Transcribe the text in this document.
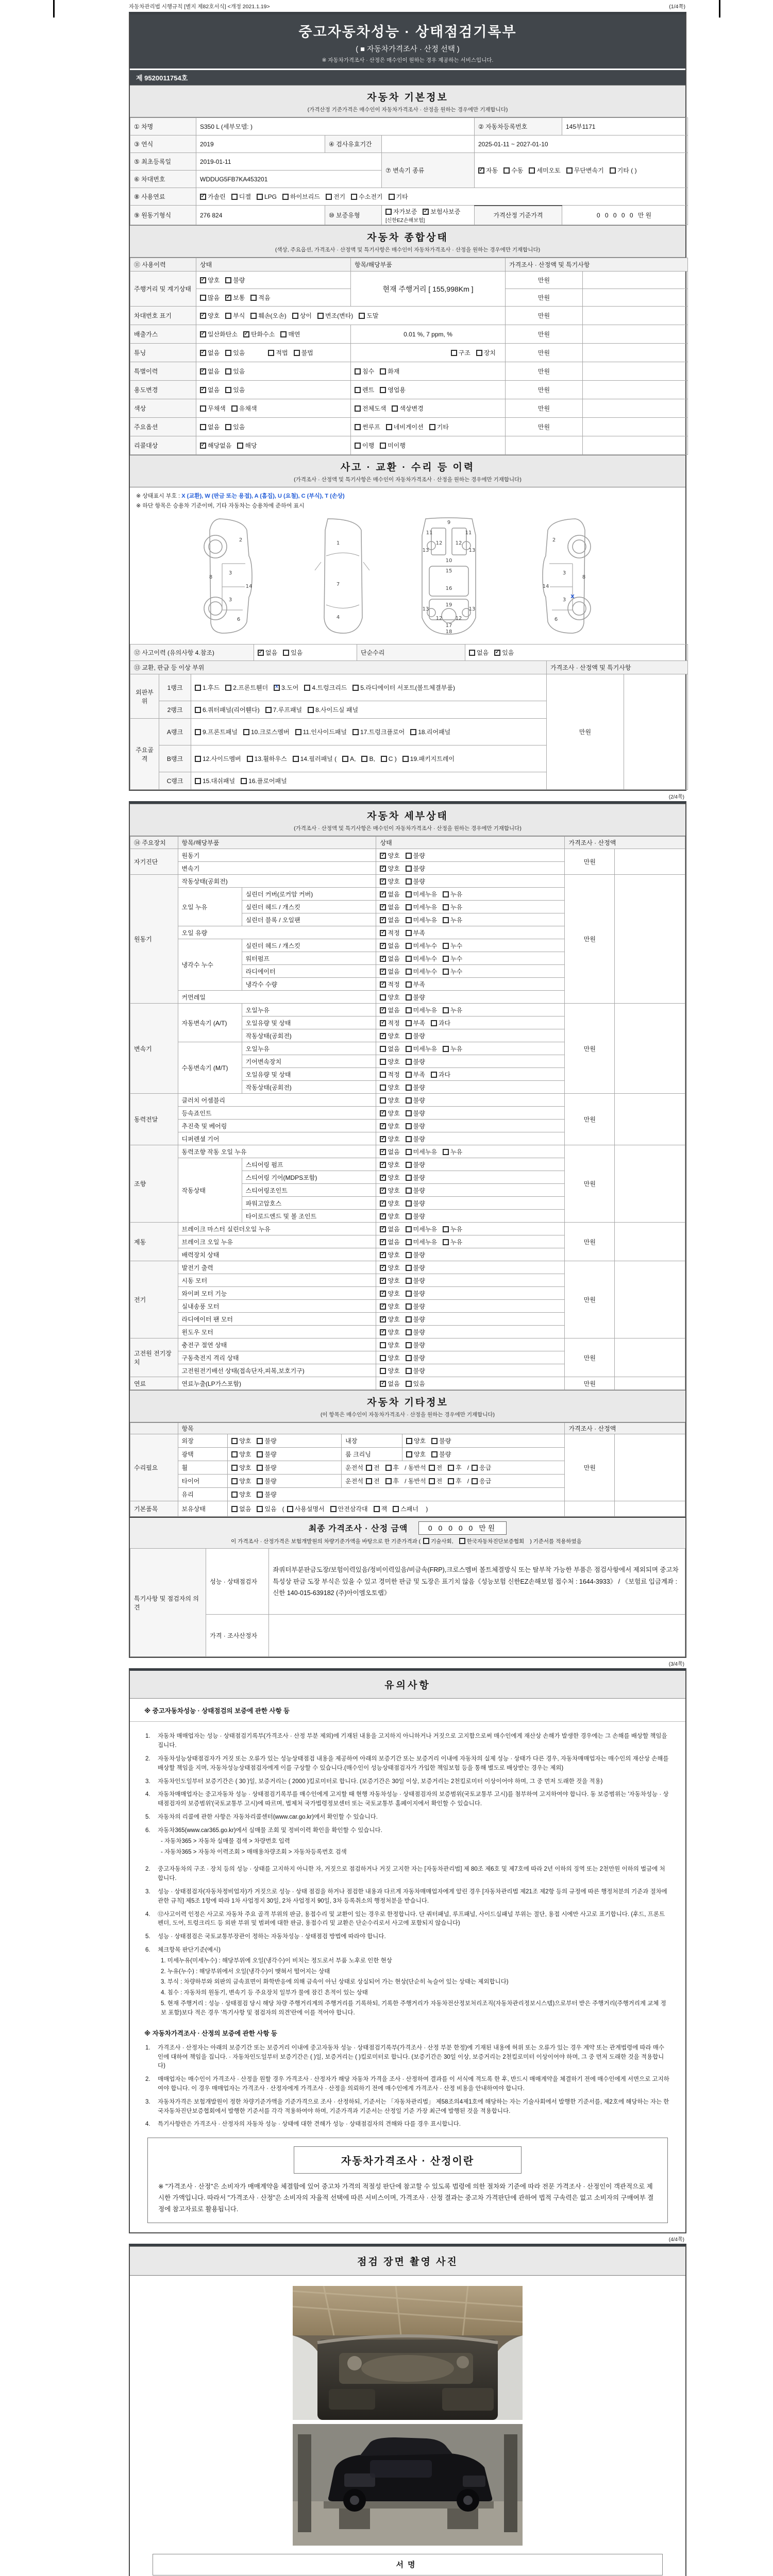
자동차관리법 시행규칙 [별지 제82호서식] <개정 2021.1.19>	(1/4쪽)
중고자동차성능 · 상태점검기록부
( ■ 자동차가격조사 · 산정 선택 )
※ 자동차가격조사 · 산정은 매수인이 원하는 경우 제공하는 서비스입니다.
제 9520011754호
자동차 기본정보
(가격산정 기준가격은 매수인이 자동차가격조사 · 산정을 원하는 경우에만 기재합니다)
① 차명	S350 L (세부모델: )			② 자동차등록번호	145부1171
③ 연식	2019	④ 검사유효기간		2025-01-11 ~ 2027-01-10	
⑤ 최초등록일	2019-01-11		⑦ 변속기 종류	✓자동 수동 세미오토 무단변속기 기타 ( )
⑥ 차대번호	WDDUG5FB7KA453201				
⑧ 사용연료	✓가솔린 디젤 LPG 하이브리드 전기 수소전기 기타
⑨ 원동기형식	276 824	⑩ 보증유형	자가보증 ✓ 보험사보증 [신한EZ손해보험]	가격산정 기준가격	0 0 0 0 0 만원
자동차 종합상태
(색상, 주요옵션, 가격조사 · 산정액 및 특기사항은 매수인이 자동차가격조사 · 산정을 원하는 경우에만 기재합니다)
⑪ 사용이력	상태	항목/해당부품	가격조사 · 산정액 및 특기사항	
주행거리 및 계기상태	✓양호 불량	현재 주행거리 [ 155,998Km ]	만원	
	많음 ✓ 보통 적음		만원	
차대번호 표기	✓양호 부식 훼손(오손) 상이 변조(변타) 도말		만원	
배출가스	✓일산화탄소 ✓ 탄화수소 매연	0.01 %, 7 ppm, %	만원	
튜닝	✓없음 있음 적법 불법	구조 장치	만원	
특별이력	✓없음 있음	침수 화재	만원	
용도변경	✓없음 있음	렌트 영업용	만원	
색상	무채색 유채색	전체도색 색상변경	만원	
주요옵션	없음 있음	썬루프 네비게이션 기타	만원	
리콜대상	✓해당없음 해당	이행 미이행		
사고 · 교환 · 수리 등 이력
(가격조사 · 산정액 및 특기사항은 매수인이 자동차가격조사 · 산정을 원하는 경우에만 기재합니다)
※ 상태표시 부호 : X (교환), W (판금 또는 용접), A (흠집), U (요철), C (부식), T (손상)
※ 하단 항목은 승용차 기준이며, 기타 자동차는 승용차에 준하여 표시
2
8
3
14
3
6
1
7
4
9
11	11
13	13
12	12
10
15
16
19
13	13
12	12
17
18
2
3
8
14
3
X
6
⑫ 사고이력 (유의사항 4.참조)	✓없음 있음	단순수리	없음 ✓ 있음
⑬ 교환, 판금 등 이상 부위				가격조사 · 산정액 및 특기사항
외판부위	1랭크	1.후드 2.프론트휀더 x 3.도어 4.트렁크리드 5.라디에이터 서포트(볼트체결부품)	만원	
	2랭크	6.쿼터패널(리어휀다) 7.루프패널 8.사이드실 패널		
주요골격	A랭크	9.프론트패널 10.크로스멤버 11.인사이드패널 17.트렁크플로어 18.리어패널		
	B랭크	12.사이드멤버 13.휠하우스 14.필러패널 ( A, B, C ) 19.패키지트레이		
	C랭크	15.대쉬패널 16.플로어패널		
(2/4쪽)
자동차 세부상태
(가격조사 · 산정액 및 특기사항은 매수인이 자동차가격조사 · 산정을 원하는 경우에만 기재합니다)
⑭ 주요장치	항목/해당부품		상태	가격조사 · 산정액	
자기진단	원동기	✓양호 불량	만원	
	변속기	✓양호 불량
원동기	작동상태(공회전)	✓양호 불량	만원	
	오일 누유	실린더 커버(로커암 커버)	✓없음 미세누유 누유
		실린더 헤드 / 개스킷	✓없음 미세누유 누유
		실린더 블록 / 오일팬	✓없음 미세누유 누유
	오일 유량	✓적정 부족
	냉각수 누수	실린더 헤드 / 개스킷	✓없음 미세누수 누수
		워터펌프	✓없음 미세누수 누수
		라디에이터	✓없음 미세누수 누수
		냉각수 수량	✓적정 부족
	커먼레일		양호 불량		
변속기	자동변속기 (A/T)	오일누유	✓없음 미세누유 누유	만원	
		오일유량 및 상태	✓적정 부족 과다
		작동상태(공회전)	✓양호 불량
	수동변속기 (M/T)	오일누유	없음 미세누유 누유		
		기어변속장치	양호 불량		
		오일유량 및 상태	적정 부족 과다		
		작동상태(공회전)	양호 불량		
동력전달	클러치 어셈블리		양호 불량	만원	
	등속죠인트	✓양호 불량
	추진축 및 베어링	✓양호 불량
	디퍼렌셜 기어	✓양호 불량
조향	동력조향 작동 오일 누유	✓없음 미세누유 누유	만원	
	작동상태	스티어링 펌프	✓양호 불량
		스티어링 기어(MDPS포함)	✓양호 불량
		스티어링조인트	✓양호 불량
		파워고압호스	✓양호 불량
		타이로드엔드 및 볼 조인트	✓양호 불량
제동	브레이크 마스터 실린더오일 누유	✓없음 미세누유 누유	만원	
	브레이크 오일 누유	✓없음 미세누유 누유
	배력장치 상태	✓양호 불량
전기	발전기 출력	✓양호 불량	만원	
	시동 모터	✓양호 불량
	와이퍼 모터 기능	✓양호 불량
	실내송풍 모터	✓양호 불량
	라디에이터 팬 모터	✓양호 불량
	윈도우 모터	✓양호 불량
고전원 전기장치	충전구 절연 상태		양호 불량	만원	
	구동축전지 격리 상태		양호 불량		
	고전원전기배선 상태(접속단자,피복,보호기구)		양호 불량		
연료	연료누출(LP가스포함)	✓없음 있음	만원	
자동차 기타정보
(이 항목은 매수인이 자동차가격조사 · 산정을 원하는 경우에만 기재합니다)
	항목				가격조사 · 산정액	
수리필요	외장	양호 불량	내장	양호 불량	만원	
	광택	양호 불량	룸 크리닝	양호 불량		
	휠	양호 불량	운전석 전 후 / 동반석 전 후 / 응급			
	타이어	양호 불량	운전석 전 후 / 동반석 전 후 / 응급			
	유리	양호 불량				
기본품목	보유상태	없음 있음 ( 사용설명서 안전삼각대 잭 스패너 )				
최종 가격조사 · 산정 금액	0 0 0 0 0 만원
이 가격조사 · 산정가격은 보험개발원의 차량기준가액을 바탕으로 한 기준가격과 ( 기술사회, 한국자동차진단보증협회 ) 기준서를 적용하였음
특기사항 및 점검자의 의견	성능 · 상태점검자	좌쿼터부분판금도장/보험이력있음/정비이력있음/비금속(FRP),크로스멤버 볼트체결방식 또는 탈부착 가능한 부품은 점검사항에서 제외되며 중고차 특성상 판금 도장 부식은 있을 수 있고 경미한 판금 및 도장은 표기치 않음《성능보험 신한EZ손해보험 접수처 : 1644-3933》 / 《보험료 입금계좌 : 신한 140-015-639182 (주)아이엠오토랩》
	가격 · 조사산정자	
(3/4쪽)
유의사항
※ 중고자동차성능 · 상태점검의 보증에 관한 사항 등
1.	자동차 매매업자는 성능 · 상태점검기록부(가격조사 · 산정 부분 제외)에 기재된 내용을 고지하지 아니하거나 거짓으로 고지함으로써 매수인에게 재산상 손해가 발생한 경우에는 그 손해를 배상할 책임을 집니다.
2.	자동차성능상태점검자가 거짓 또는 오류가 있는 성능상태점검 내용을 제공하여 아래의 보증기간 또는 보증거리 이내에 자동차의 실제 성능 · 상태가 다른 경우, 자동차매매업자는 매수인의 재산상 손해를 배상할 책임을 지며, 자동차성능상태점검자에게 이를 구상할 수 있습니다.(매수인이 성능상태점검자가 가입한 책임보험 등을 통해 별도로 배상받는 경우는 제외)
3.	자동차인도일부터 보증기간은 ( 30 )일, 보증거리는 ( 2000 )킬로미터로 합니다. (보증기간은 30일 이상, 보증거리는 2천킬로미터 이상이어야 하며, 그 중 먼저 도래한 것을 적용)
4.	자동차매매업자는 중고자동차 성능 · 상태점검기록부를 매수인에게 고지할 때 현행 자동차성능 · 상태점검자의 보증범위(국토교통부 고시)를 첨부하여 고지하여야 합니다. 동 보증범위는 '자동차성능 · 상태점검자의 보증범위'(국토교통부 고시)에 따르며, 법제처 국가법령정보센터 또는 국토교통부 홈페이지에서 확인할 수 있습니다.
5.	자동차의 리콜에 관한 사항은 자동차리콜센터(www.car.go.kr)에서 확인할 수 있습니다.
6.	자동차365(www.car365.go.kr)에서 실매물 조회 및 정비이력 확인을 확인할 수 있습니다.
- 자동차365 > 자동차 실매물 검색 > 차량번호 입력
- 자동차365 > 자동차 이력조회 > 매매용차량조회 > 자동차등록번호 검색
2.	중고자동차의 구조 · 장치 등의 성능 · 상태를 고지하지 아니한 자, 거짓으로 점검하거나 거짓 고지한 자는 [자동차관리법] 제 80조 제6호 및 제7호에 따라 2년 이하의 징역 또는 2천만원 이하의 벌금에 처합니다.
3.	성능 · 상태점검자(자동차정비업자)가 거짓으로 성능 · 상태 점검을 하거나 점검한 내용과 다르게 자동차매매업자에게 알린 경우 [자동차관리법 제21조 제2항 등의 규정에 따른 행정처분의 기준과 절차에 관한 규칙] 제5조 1항에 따라 1차 사업정지 30일, 2차 사업정지 90일, 3차 등록취소의 행정처분을 받습니다.
4.	⑫사고이력 인정은 사고로 자동차 주요 골격 부위의 판금, 용접수리 및 교환이 있는 경우로 한정합니다. 단 쿼터패널, 루프패널, 사이드실패널 부위는 절단, 용접 시에만 사고로 표기합니다. (후드, 프론트펜더, 도어, 트렁크리드 등 외판 부위 및 범퍼에 대한 판금, 용접수리 및 교환은 단순수리로서 사고에 포함되지 않습니다)
5.	성능 · 상태점검은 국토교통부장관이 정하는 자동차성능 · 상태점검 방법에 따라야 합니다.
6.	체크항목 판단기준(예시)
1. 미세누유(미세누수) : 해당부위에 오일(냉각수)이 비치는 정도로서 부품 노후로 인한 현상
2. 누유(누수) : 해당부위에서 오일(냉각수)이 맺혀서 떨어지는 상태
3. 부식 : 차량하부와 외판의 금속표면이 화학반응에 의해 금속이 아닌 상태로 상실되어 가는 현상(단순히 녹슬어 있는 상태는 제외합니다)
4. 침수 : 자동차의 원동기, 변속기 등 주요장치 일부가 물에 잠긴 흔적이 있는 상태
5. 현재 주행거리 : 성능 · 상태점검 당시 해당 차량 주행거리계의 주행거리를 기록하되, 기록한 주행거리가 자동차전산정보처리조직(자동차관리정보시스템)으로부터 받은 주행거리(주행거리계 교체 정보 포함)보다 적은 경우 '특기사항 및 점검자의 의견'란에 이를 적어야 합니다.
※ 자동차가격조사 · 산정의 보증에 관한 사항 등
1.	가격조사 · 산정자는 아래의 보증기간 또는 보증거리 이내에 중고자동차 성능 · 상태점검기록부(가격조사 · 산정 부분 한정)에 기재된 내용에 허위 또는 오류가 있는 경우 계약 또는 관계법령에 따라 매수인에 대하여 책임을 집니다. · 자동차인도일부터 보증기간은 ( )일, 보증거리는 ( )킬로미터로 합니다. (보증기간은 30일 이상, 보증거리는 2천킬로미터 이상이어야 하며, 그 중 먼저 도래한 것을 적용합니다)
2.	매매업자는 매수인이 가격조사 · 산정을 원할 경우 가격조사 · 산정자가 해당 자동차 가격을 조사 · 산정하여 결과를 이 서식에 적도록 한 후, 반드시 매매계약을 체결하기 전에 매수인에게 서면으로 고지하여야 합니다. 이 경우 매매업자는 가격조사 · 산정자에게 가격조사 · 산정을 의뢰하기 전에 매수인에게 가격조사 · 산정 비용을 안내하여야 합니다.
3.	자동차가격은 보험개발원이 정한 차량기준가액을 기준가격으로 조사 · 산정하되, 기준서는 「자동차관리법」 제58조의4제1호에 해당하는 자는 기술사회에서 발행한 기준서를, 제2호에 해당하는 자는 한국자동차진단보증협회에서 발행한 기준서를 각각 적용하여야 하며, 기준가격과 기준서는 산정일 기준 가장 최근에 발행된 것을 적용합니다.
4.	특기사항란은 가격조사 · 산정자의 자동차 성능 · 상태에 대한 견해가 성능 · 상태점검자의 견해와 다를 경우 표시합니다.
자동차가격조사 · 산정이란
※ "가격조사 · 산정"은 소비자가 매매계약을 체결함에 있어 중고차 가격의 적절성 판단에 참고할 수 있도록 법령에 의한 절차와 기준에 따라 전문 가격조사 · 산정인이 객관적으로 제시한 가액입니다. 따라서 "가격조사 · 산정"은 소비자의 자율적 선택에 따른 서비스이며, 가격조사 · 산정 결과는 중고차 가격판단에 관하여 법적 구속력은 없고 소비자의 구매여부 결정에 참고자료로 활용됩니다.
(4/4쪽)
점검 장면 촬영 사진
서명
